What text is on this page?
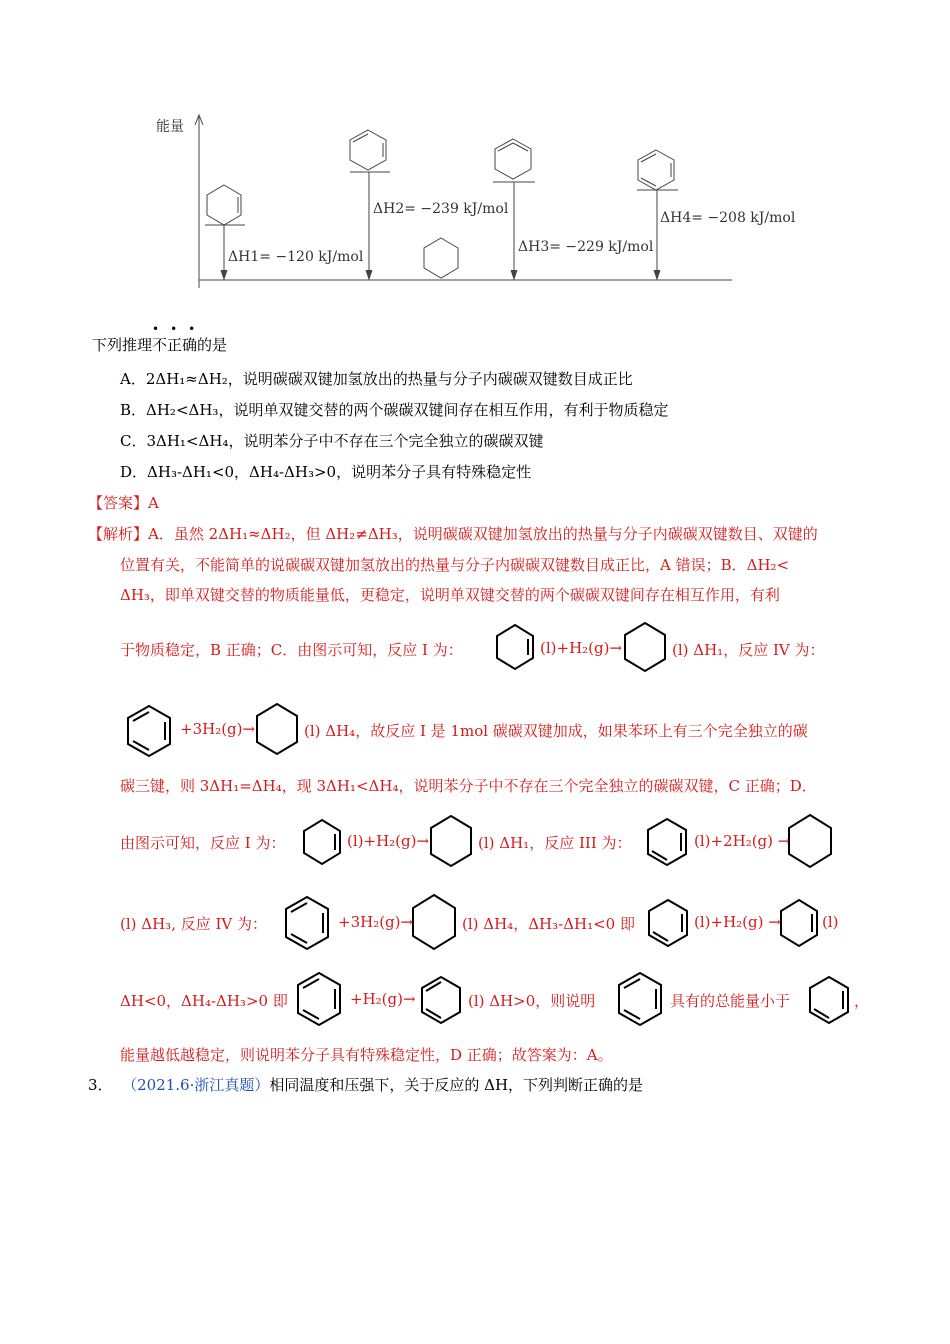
能量
ΔH1= −120 kJ/mol
ΔH2= −239 kJ/mol
ΔH3= −229 kJ/mol
ΔH4= −208 kJ/mol
下列推理不正确
•••
的是
A．2ΔH₁≈ΔH₂，说明碳碳双键加氢放出的热量与分子内碳碳双键数目成正比
B．ΔH₂<ΔH₃，说明单双键交替的两个碳碳双键间存在相互作用，有利于物质稳定
C．3ΔH₁<ΔH₄，说明苯分子中不存在三个完全独立的碳碳双键
D．ΔH₃-ΔH₁<0，ΔH₄-ΔH₃>0，说明苯分子具有特殊稳定性
【答案】A
【解析】A．虽然 2ΔH₁≈ΔH₂，但 ΔH₂≠ΔH₃，说明碳碳双键加氢放出的热量与分子内碳碳双键数目、双键的
位置有关，不能简单的说碳碳双键加氢放出的热量与分子内碳碳双键数目成正比，A 错误；B．ΔH₂<
ΔH₃，即单双键交替的物质能量低，更稳定，说明单双键交替的两个碳碳双键间存在相互作用，有利
于物质稳定，B 正确；C．由图示可知，反应 I 为：	(l)+H₂(g)→	(l) ΔH₁，反应 IV 为：
+3H₂(g)→	(l) ΔH₄，故反应 I 是 1mol 碳碳双键加成，如果苯环上有三个完全独立的碳
碳三键，则 3ΔH₁=ΔH₄，现 3ΔH₁<ΔH₄，说明苯分子中不存在三个完全独立的碳碳双键，C 正确；D．
由图示可知，反应 I 为：	(l)+H₂(g)→	(l) ΔH₁，反应 III 为：	(l)+2H₂(g) →
(l) ΔH₃, 反应 IV 为：	+3H₂(g)→	(l) ΔH₄，ΔH₃-ΔH₁<0 即	(l)+H₂(g) →	(l)
ΔH<0，ΔH₄-ΔH₃>0 即	+H₂(g)→	(l) ΔH>0，则说明	具有的总能量小于	，
能量越低越稳定，则说明苯分子具有特殊稳定性，D 正确；故答案为：A。
3． （2021.6·浙江真题）相同温度和压强下，关于反应的 ΔH，下列判断正确的是
